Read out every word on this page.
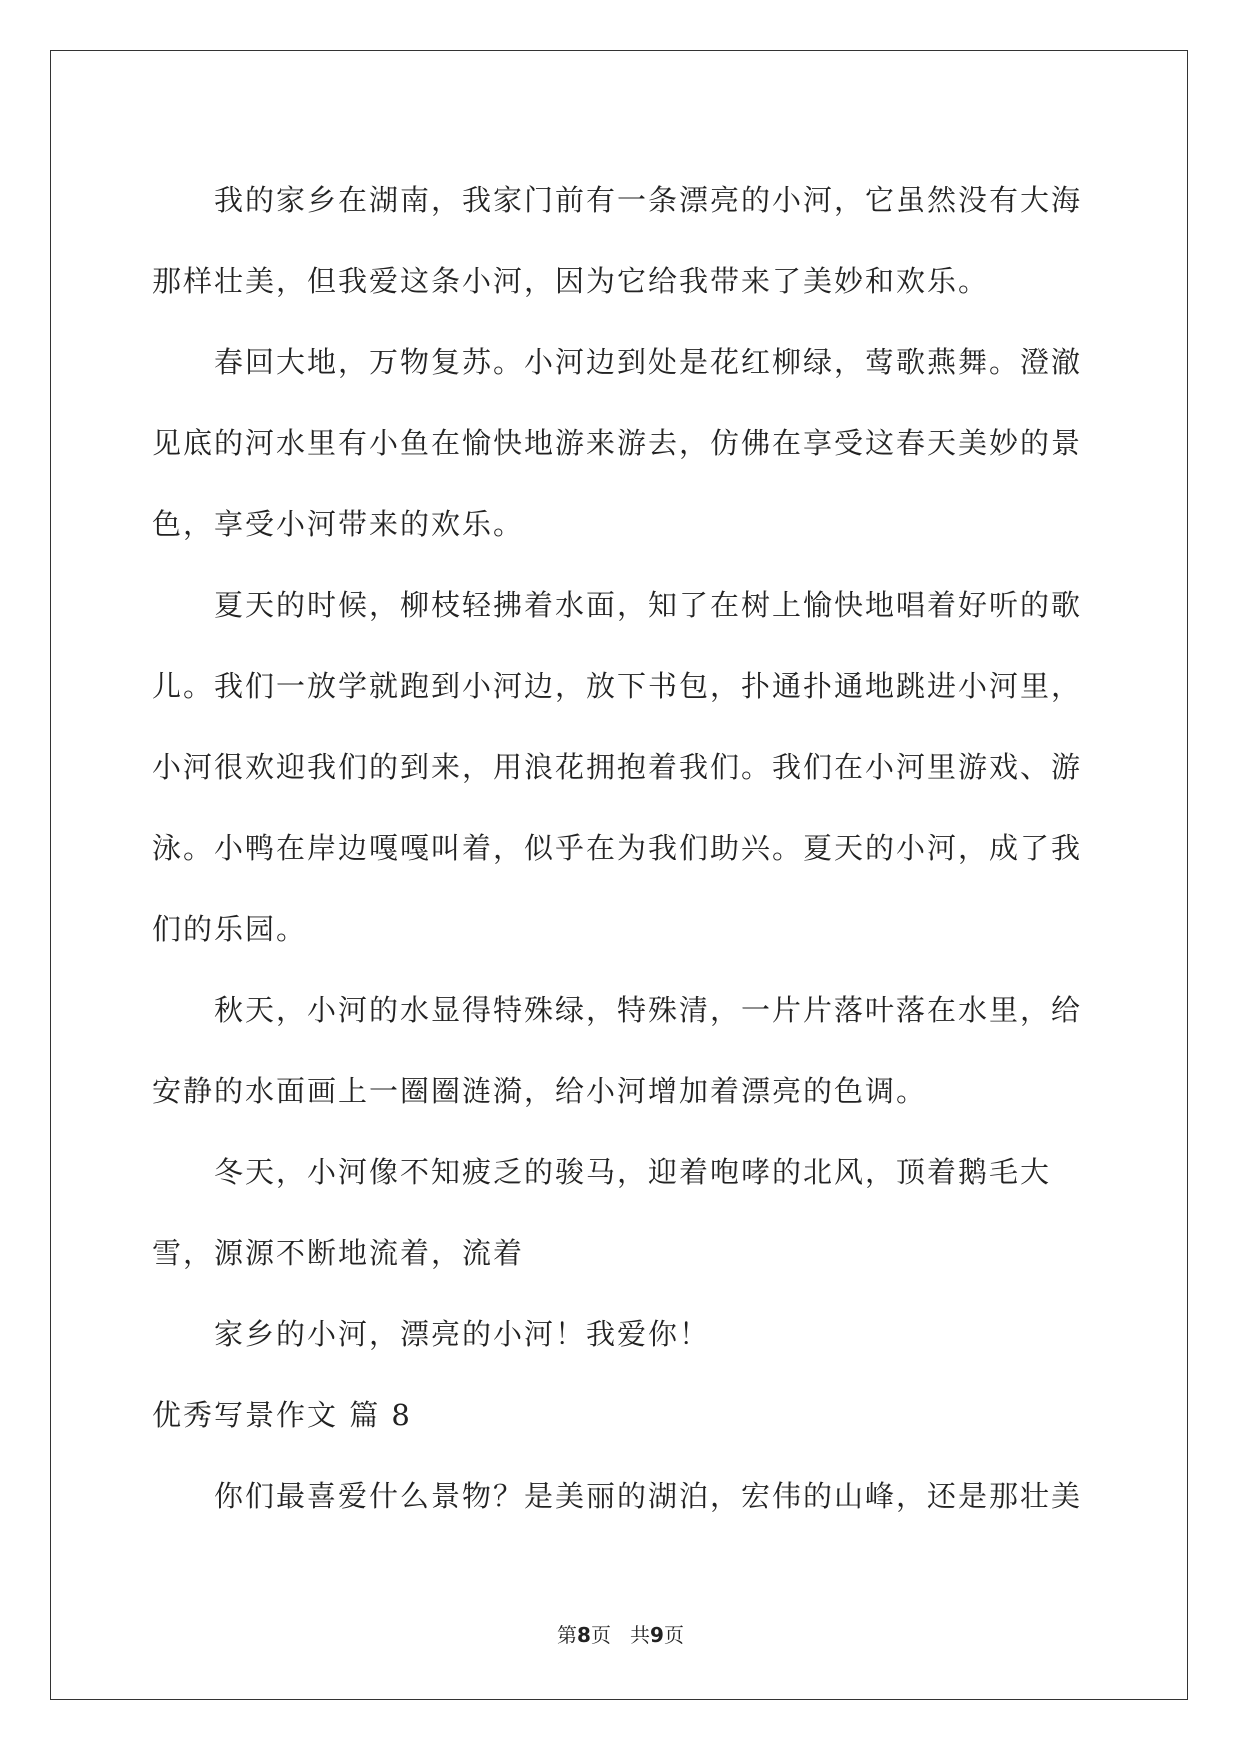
我的家乡在湖南，我家门前有一条漂亮的小河，它虽然没有大海那样壮美，但我爱这条小河，因为它给我带来了美妙和欢乐。

春回大地，万物复苏。小河边到处是花红柳绿，莺歌燕舞。澄澈见底的河水里有小鱼在愉快地游来游去，仿佛在享受这春天美妙的景色，享受小河带来的欢乐。

夏天的时候，柳枝轻拂着水面，知了在树上愉快地唱着好听的歌儿。我们一放学就跑到小河边，放下书包，扑通扑通地跳进小河里，小河很欢迎我们的到来，用浪花拥抱着我们。我们在小河里游戏、游泳。小鸭在岸边嘎嘎叫着，似乎在为我们助兴。夏天的小河，成了我们的乐园。

秋天，小河的水显得特殊绿，特殊清，一片片落叶落在水里，给安静的水面画上一圈圈涟漪，给小河增加着漂亮的色调。

冬天，小河像不知疲乏的骏马，迎着咆哮的北风，顶着鹅毛大雪，源源不断地流着，流着

家乡的小河，漂亮的小河！我爱你！

优秀写景作文 篇 8

你们最喜爱什么景物？是美丽的湖泊，宏伟的山峰，还是那壮美

第8页   共9页
